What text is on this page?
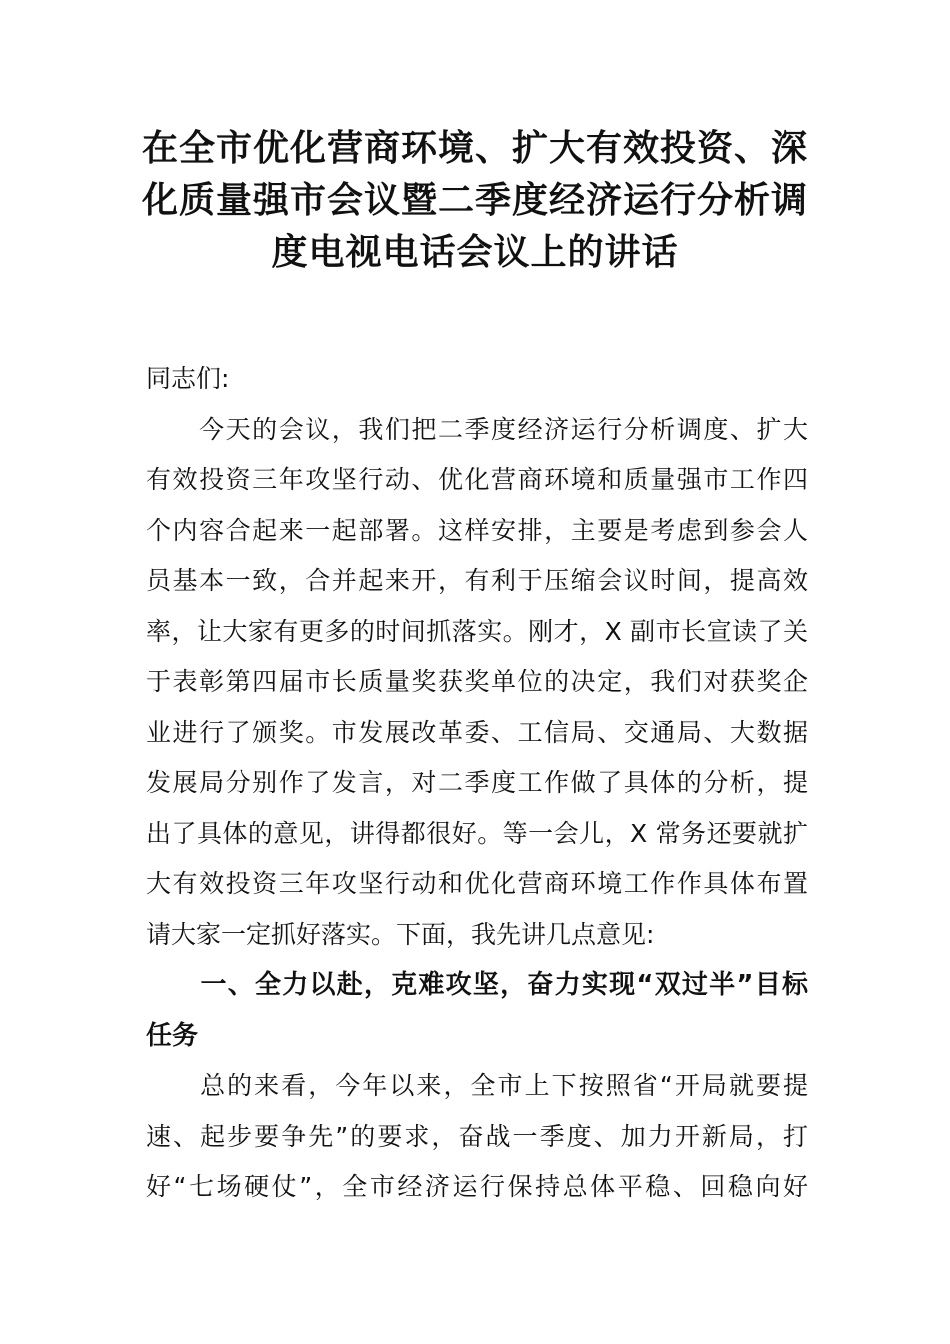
在全市优化营商环境、扩大有效投资、深
化质量强市会议暨二季度经济运行分析调
度电视电话会议上的讲话
同志们:
　　今天的会议，我们把二季度经济运行分析调度、扩大
有效投资三年攻坚行动、优化营商环境和质量强市工作四
个内容合起来一起部署。这样安排，主要是考虑到参会人
员基本一致，合并起来开，有利于压缩会议时间，提高效
率，让大家有更多的时间抓落实。刚才，X 副市长宣读了关
于表彰第四届市长质量奖获奖单位的决定，我们对获奖企
业进行了颁奖。市发展改革委、工信局、交通局、大数据
发展局分别作了发言，对二季度工作做了具体的分析，提
出了具体的意见，讲得都很好。等一会儿，X 常务还要就扩
大有效投资三年攻坚行动和优化营商环境工作作具体布置
请大家一定抓好落实。下面，我先讲几点意见:
　　一、全力以赴，克难攻坚，奋力实现“双过半”目标
任务
　　总的来看，今年以来，全市上下按照省“开局就要提
速、起步要争先”的要求，奋战一季度、加力开新局，打
好“七场硬仗”，全市经济运行保持总体平稳、回稳向好
